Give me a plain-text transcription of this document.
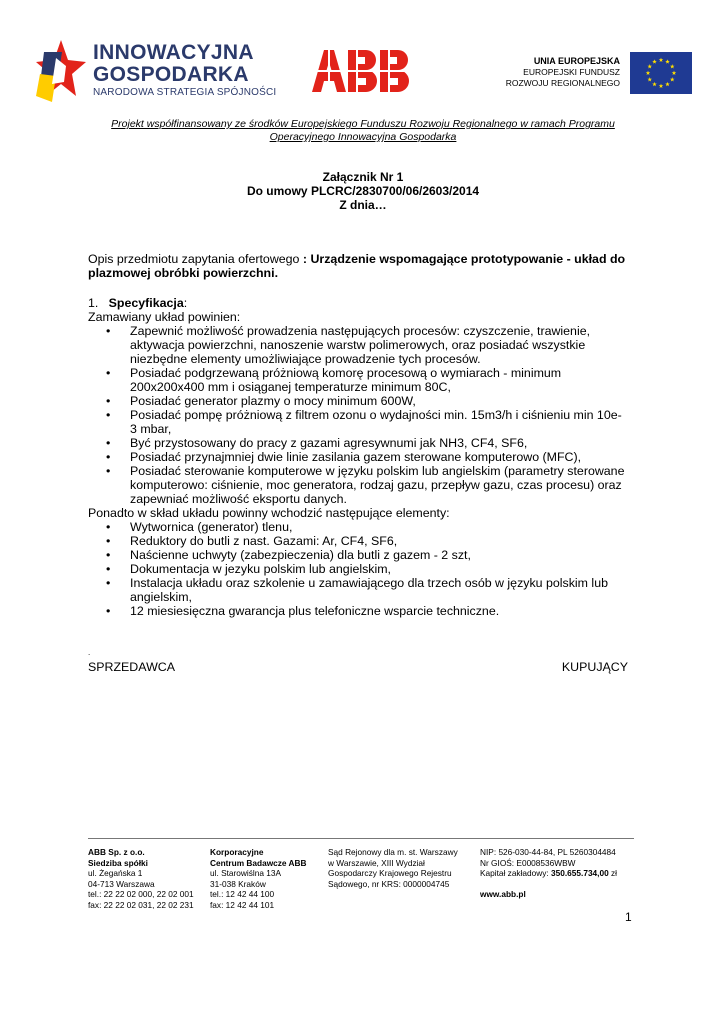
INNOWACYJNA
GOSPODARKA
NARODOWA STRATEGIA SPÓJNOŚCI
UNIA EUROPEJSKA
EUROPEJSKI FUNDUSZ
ROZWOJU REGIONALNEGO
Projekt współfinansowany ze środków Europejskiego Funduszu Rozwoju Regionalnego w ramach Programu
Operacyjnego Innowacyjna Gospodarka
Załącznik Nr 1
Do umowy PLCRC/2830700/06/2603/2014
Z dnia…

Opis przedmiotu zapytania ofertowego : Urządzenie wspomagające prototypowanie - układ do plazmowej obróbki powierzchni.

1. Specyfikacja:

Zamawiany układ powinien:

• Zapewnić możliwość prowadzenia następujących procesów: czyszczenie, trawienie, aktywacja powierzchni, nanoszenie warstw polimerowych, oraz posiadać wszystkie niezbędne elementy umożliwiające prowadzenie tych procesów.
• Posiadać podgrzewaną próżniową komorę procesową o wymiarach - minimum 200x200x400 mm i osiąganej temperaturze minimum 80C,
• Posiadać generator plazmy o mocy minimum 600W,
• Posiadać pompę próżniową z filtrem ozonu o wydajności min. 15m3/h i ciśnieniu min 10e-3 mbar,
• Być przystosowany do pracy z gazami agresywnumi jak NH3, CF4, SF6,
• Posiadać przynajmniej dwie linie zasilania gazem sterowane komputerowo (MFC),
• Posiadać sterowanie komputerowe w języku polskim lub angielskim (parametry sterowane komputerowo: ciśnienie, moc generatora, rodzaj gazu, przepływ gazu, czas procesu) oraz zapewniać możliwość eksportu danych.

Ponadto w skład układu powinny wchodzić następujące elementy:

• Wytwornica (generator) tlenu,
• Reduktory do butli z nast. Gazami: Ar, CF4, SF6,
• Naścienne uchwyty (zabezpieczenia) dla butli z gazem - 2 szt,
• Dokumentacja w jezyku polskim lub angielskim,
• Instalacja układu oraz szkolenie u zamawiającego dla trzech osób w języku polskim lub angielskim,
• 12 miesiesięczna gwarancja plus telefoniczne wsparcie techniczne.
.
SPRZEDAWCA	KUPUJĄCY
ABB Sp. z o.o.
Siedziba spółki
ul. Żegańska 1
04-713 Warszawa
tel.: 22 22 02 000, 22 02 001
fax: 22 22 02 031, 22 02 231
Korporacyjne
Centrum Badawcze ABB
ul. Starowiślna 13A
31-038 Kraków
tel.: 12 42 44 100
fax: 12 42 44 101
Sąd Rejonowy dla m. st. Warszawy
w Warszawie, XIII Wydział
Gospodarczy Krajowego Rejestru
Sądowego, nr KRS: 0000004745
NIP: 526-030-44-84, PL 5260304484
Nr GIOŚ: E0008536WBW
Kapitał zakładowy: 350.655.734,00 zł
www.abb.pl
1
